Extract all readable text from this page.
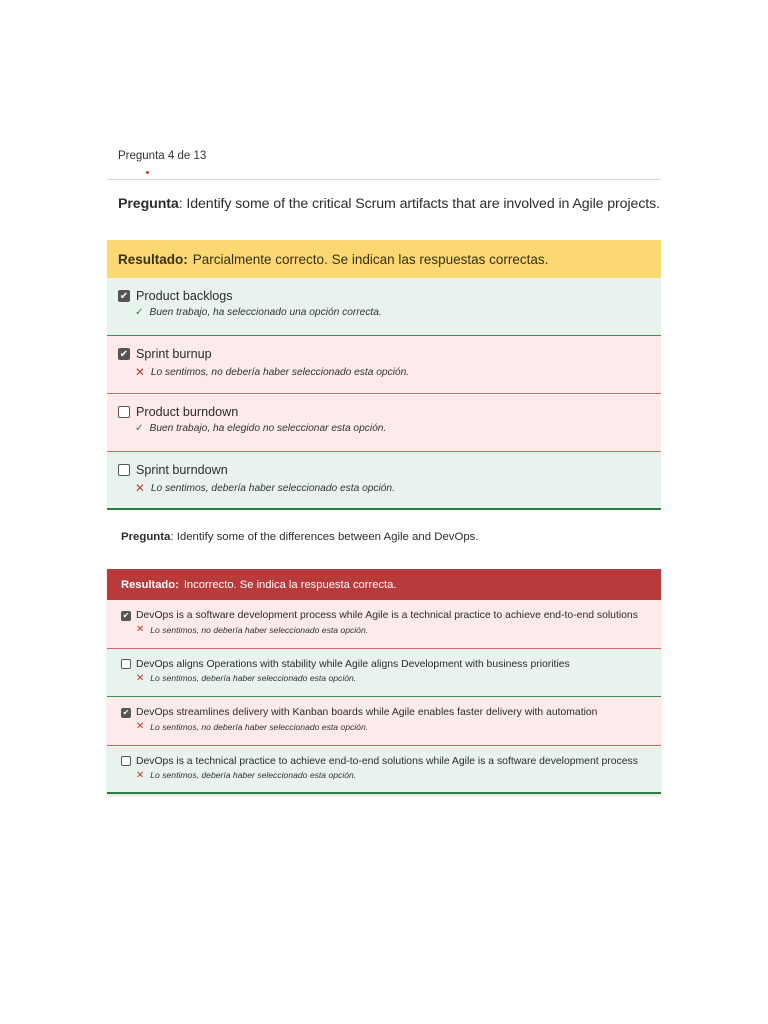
Pregunta 4 de 13
Pregunta: Identify some of the critical Scrum artifacts that are involved in Agile projects.
Resultado: Parcialmente correcto. Se indican las respuestas correctas.
✔ Product backlogs
✓ Buen trabajo, ha seleccionado una opción correcta.
✔ Sprint burnup
✕ Lo sentimos, no debería haber seleccionado esta opción.
Product burndown
✓ Buen trabajo, ha elegido no seleccionar esta opción.
Sprint burndown
✕ Lo sentimos, debería haber seleccionado esta opción.
Pregunta: Identify some of the differences between Agile and DevOps.
Resultado: Incorrecto. Se indica la respuesta correcta.
✔ DevOps is a software development process while Agile is a technical practice to achieve end-to-end solutions
✕ Lo sentimos, no debería haber seleccionado esta opción.
DevOps aligns Operations with stability while Agile aligns Development with business priorities
✕ Lo sentimos, debería haber seleccionado esta opción.
✔ DevOps streamlines delivery with Kanban boards while Agile enables faster delivery with automation
✕ Lo sentimos, no debería haber seleccionado esta opción.
DevOps is a technical practice to achieve end-to-end solutions while Agile is a software development process
✕ Lo sentimos, debería haber seleccionado esta opción.
